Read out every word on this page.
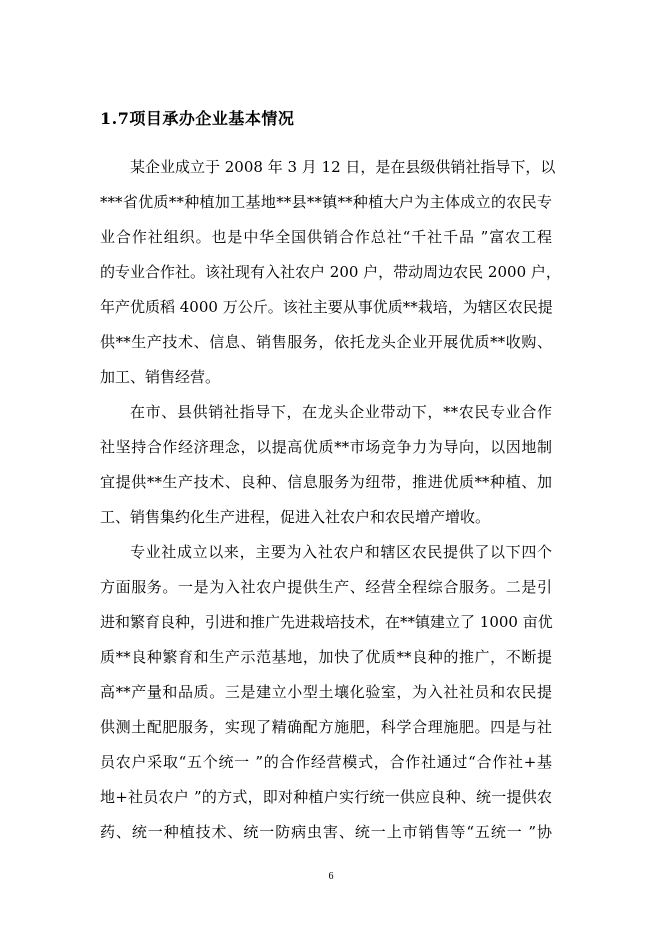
1.7项目承办企业基本情况
某企业成立于 2008 年 3 月 12 日，是在县级供销社指导下，以
***省优质**种植加工基地**县**镇**种植大户为主体成立的农民专
业合作社组织。也是中华全国供销合作总社“千社千品 ”富农工程
的专业合作社。该社现有入社农户 200 户，带动周边农民 2000 户，
年产优质稻 4000 万公斤。该社主要从事优质**栽培，为辖区农民提
供**生产技术、信息、销售服务，依托龙头企业开展优质**收购、
加工、销售经营。
在市、县供销社指导下，在龙头企业带动下，**农民专业合作
社坚持合作经济理念，以提高优质**市场竞争力为导向，以因地制
宜提供**生产技术、良种、信息服务为纽带，推进优质**种植、加
工、销售集约化生产进程，促进入社农户和农民增产增收。
专业社成立以来，主要为入社农户和辖区农民提供了以下四个
方面服务。一是为入社农户提供生产、经营全程综合服务。二是引
进和繁育良种，引进和推广先进栽培技术，在**镇建立了 1000 亩优
质**良种繁育和生产示范基地，加快了优质**良种的推广，不断提
高**产量和品质。三是建立小型土壤化验室，为入社社员和农民提
供测土配肥服务，实现了精确配方施肥，科学合理施肥。四是与社
员农户采取“五个统一 ”的合作经营模式，合作社通过“合作社+基
地+社员农户 ”的方式，即对种植户实行统一供应良种、统一提供农
药、统一种植技术、统一防病虫害、统一上市销售等“五统一 ”协
6
